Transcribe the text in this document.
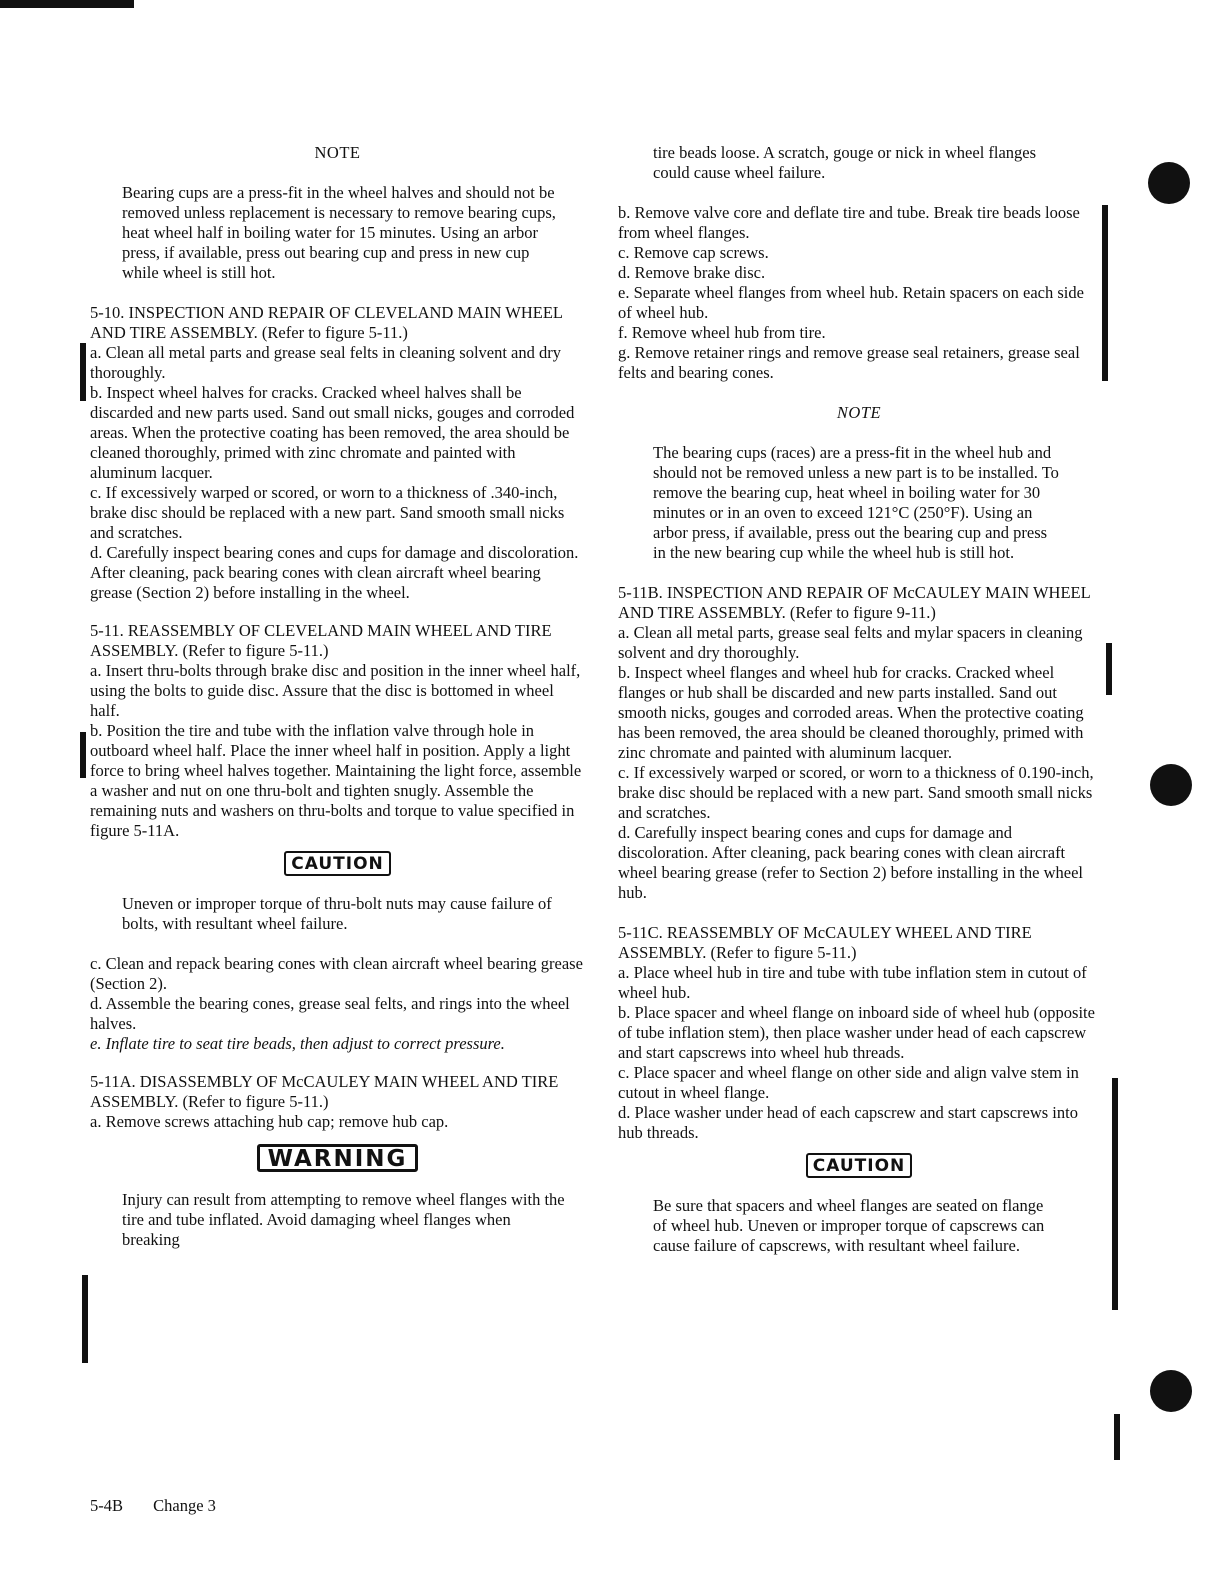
NOTE

Bearing cups are a press-fit in the wheel halves and should not be removed unless replacement is necessary to remove bearing cups, heat wheel half in boiling water for 15 minutes. Using an arbor press, if available, press out bearing cup and press in new cup while wheel is still hot.

5-10. INSPECTION AND REPAIR OF CLEVELAND MAIN WHEEL AND TIRE ASSEMBLY. (Refer to figure 5-11.)

a. Clean all metal parts and grease seal felts in cleaning solvent and dry thoroughly.

b. Inspect wheel halves for cracks. Cracked wheel halves shall be discarded and new parts used. Sand out small nicks, gouges and corroded areas. When the protective coating has been removed, the area should be cleaned thoroughly, primed with zinc chromate and painted with aluminum lacquer.

c. If excessively warped or scored, or worn to a thickness of .340-inch, brake disc should be replaced with a new part. Sand smooth small nicks and scratches.

d. Carefully inspect bearing cones and cups for damage and discoloration. After cleaning, pack bearing cones with clean aircraft wheel bearing grease (Section 2) before installing in the wheel.

5-11. REASSEMBLY OF CLEVELAND MAIN WHEEL AND TIRE ASSEMBLY. (Refer to figure 5-11.)

a. Insert thru-bolts through brake disc and position in the inner wheel half, using the bolts to guide disc. Assure that the disc is bottomed in wheel half.

b. Position the tire and tube with the inflation valve through hole in outboard wheel half. Place the inner wheel half in position. Apply a light force to bring wheel halves together. Maintaining the light force, assemble a washer and nut on one thru-bolt and tighten snugly. Assemble the remaining nuts and washers on thru-bolts and torque to value specified in figure 5-11A.

CAUTION

Uneven or improper torque of thru-bolt nuts may cause failure of bolts, with resultant wheel failure.

c. Clean and repack bearing cones with clean aircraft wheel bearing grease (Section 2).

d. Assemble the bearing cones, grease seal felts, and rings into the wheel halves.

e. Inflate tire to seat tire beads, then adjust to correct pressure.

5-11A. DISASSEMBLY OF McCAULEY MAIN WHEEL AND TIRE ASSEMBLY. (Refer to figure 5-11.)

a. Remove screws attaching hub cap; remove hub cap.

WARNING

Injury can result from attempting to remove wheel flanges with the tire and tube inflated. Avoid damaging wheel flanges when breaking

tire beads loose. A scratch, gouge or nick in wheel flanges could cause wheel failure.

b. Remove valve core and deflate tire and tube. Break tire beads loose from wheel flanges.

c. Remove cap screws.

d. Remove brake disc.

e. Separate wheel flanges from wheel hub. Retain spacers on each side of wheel hub.

f. Remove wheel hub from tire.

g. Remove retainer rings and remove grease seal retainers, grease seal felts and bearing cones.

NOTE

The bearing cups (races) are a press-fit in the wheel hub and should not be removed unless a new part is to be installed. To remove the bearing cup, heat wheel in boiling water for 30 minutes or in an oven to exceed 121°C (250°F). Using an arbor press, if available, press out the bearing cup and press in the new bearing cup while the wheel hub is still hot.

5-11B. INSPECTION AND REPAIR OF McCAULEY MAIN WHEEL AND TIRE ASSEMBLY. (Refer to figure 9-11.)

a. Clean all metal parts, grease seal felts and mylar spacers in cleaning solvent and dry thoroughly.

b. Inspect wheel flanges and wheel hub for cracks. Cracked wheel flanges or hub shall be discarded and new parts installed. Sand out smooth nicks, gouges and corroded areas. When the protective coating has been removed, the area should be cleaned thoroughly, primed with zinc chromate and painted with aluminum lacquer.

c. If excessively warped or scored, or worn to a thickness of 0.190-inch, brake disc should be replaced with a new part. Sand smooth small nicks and scratches.

d. Carefully inspect bearing cones and cups for damage and discoloration. After cleaning, pack bearing cones with clean aircraft wheel bearing grease (refer to Section 2) before installing in the wheel hub.

5-11C. REASSEMBLY OF McCAULEY WHEEL AND TIRE ASSEMBLY. (Refer to figure 5-11.)

a. Place wheel hub in tire and tube with tube inflation stem in cutout of wheel hub.

b. Place spacer and wheel flange on inboard side of wheel hub (opposite of tube inflation stem), then place washer under head of each capscrew and start capscrews into wheel hub threads.

c. Place spacer and wheel flange on other side and align valve stem in cutout in wheel flange.

d. Place washer under head of each capscrew and start capscrews into hub threads.

CAUTION

Be sure that spacers and wheel flanges are seated on flange of wheel hub. Uneven or improper torque of capscrews can cause failure of capscrews, with resultant wheel failure.

5-4B Change 3
